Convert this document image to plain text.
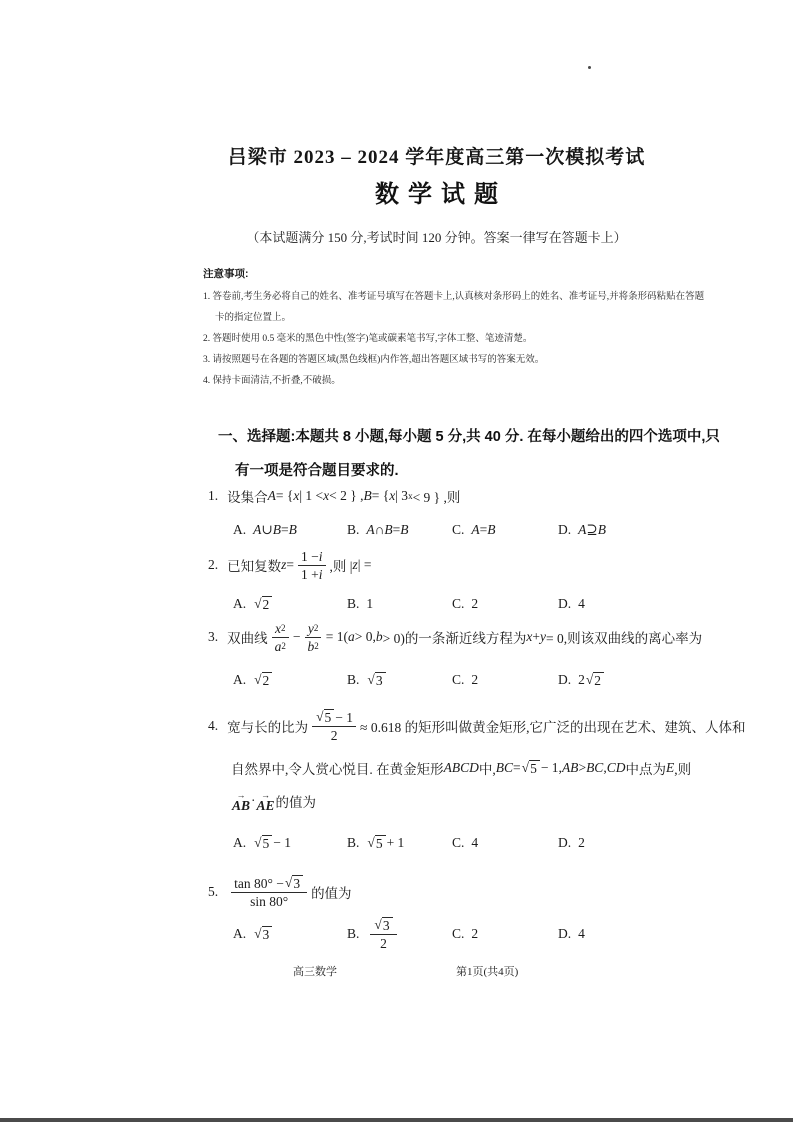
吕梁市 2023 – 2024 学年度高三第一次模拟考试
数学试题
（本试题满分 150 分,考试时间 120 分钟。答案一律写在答题卡上）
注意事项:
1. 答卷前,考生务必将自己的姓名、准考证号填写在答题卡上,认真核对条形码上的姓名、准考证号,并将条形码粘贴在答题
卡的指定位置上。
2. 答题时使用 0.5 毫米的黑色中性(签字)笔或碳素笔书写,字体工整、笔迹清楚。
3. 请按照题号在各题的答题区域(黑色线框)内作答,超出答题区域书写的答案无效。
4. 保持卡面清洁,不折叠,不破损。
一、选择题:本题共 8 小题,每小题 5 分,共 40 分. 在每小题给出的四个选项中,只
有一项是符合题目要求的.
1. 设集合 A = { x | 1 < x < 2 } , B = { x | 3 x < 9 } ,则
A. A ∪ B = B	B. A ∩ B = B	C. A = B	D. A ⊇ B
2. 已知复数 $z = \frac{1 - i}{1 + i}$ ,则 | z | =
A. √ 2	B. 1	C. 2	D. 4
3. 双曲线 $\frac{x 2}{a 2} - \frac{y 2}{b 2} = 1$( a > 0, b > 0)的一条渐近线方程为 x + y = 0,则该双曲线的离心率为
A. √ 2	B. √ 3	C. 2	D. 2 √ 2
4. 宽与长的比为 $\frac{√ 5 - 1}{2} \approx 0.618$ 的矩形叫做黄金矩形,它广泛的出现在艺术、建筑、人体和
自然界中,令人赏心悦目. 在黄金矩形 ABCD 中, BC = √ 5 − 1, AB > BC , CD 中点为 E ,则
→
AB · →
AE 的值为
A. √ 5 − 1	B. √ 5 + 1	C. 4	D. 2
5. $\frac{\tan 80^\circ - √ 3}{\sin 80^\circ}$ 的值为
A. √ 3	B. $\frac{√ 3}{2}$	C. 2	D. 4
高三数学	第1页(共4页)
